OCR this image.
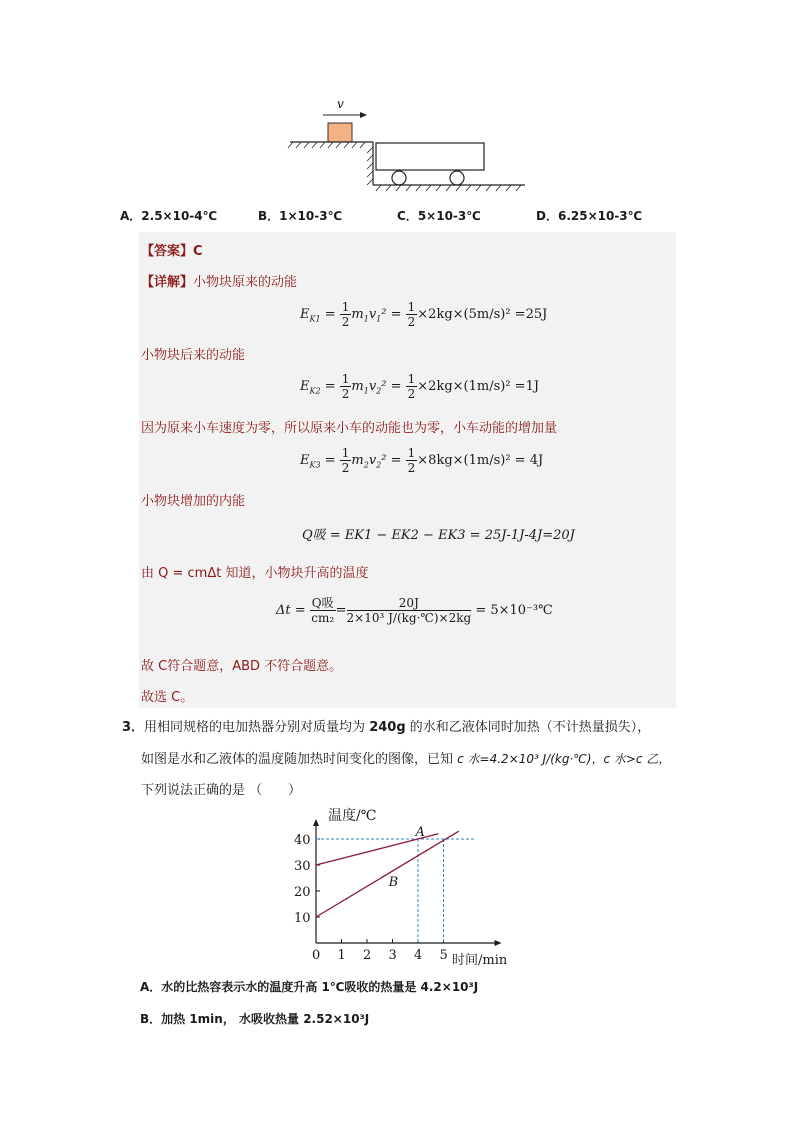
v
A．2.5×10-4℃	B．1×10-3℃	C．5×10-3℃	D．6.25×10-3℃
【答案】C
【详解】小物块原来的动能
$E_{K1} = \frac{1}{2} m_1v_1^2 = \frac{1}{2} \times 2kg\times(5m/s)^2 =25J$
小物块后来的动能
$E_{K2} = \frac{1}{2} m_1v_2^2 = \frac{1}{2} \times 2kg\times(1m/s)^2 =1J$
因为原来小车速度为零，所以原来小车的动能也为零，小车动能的增加量
$E_{K3} = \frac{1}{2} m_2v_2^2 = \frac{1}{2} \times 8kg\times(1m/s)^2 = 4J$
小物块增加的内能
Q吸 = EK1 − EK2 − EK3 = 25J-1J-4J=20J
由 Q = cmΔt 知道，小物块升高的温度
$\Delta t = \frac{\text{Q吸}}{\text{cm₂}} = \frac{20J}{\text{2×10³ J/(kg·℃)×2kg}}$ = 5×10⁻³℃
故 C符合题意，ABD 不符合题意。
故选 C。
3．用相同规格的电加热器分别对质量均为 240g 的水和乙液体同时加热（不计热量损失），
如图是水和乙液体的温度随加热时间变化的图像，已知 c 水=4.2×10³ J/(kg·℃)，c 水>c 乙，
下列说法正确的是 （　　）
温度/℃
时间/min
0 1 2 3 4 5
10
20
30
40
A
B
A．水的比热容表示水的温度升高 1℃吸收的热量是 4.2×10³J
B．加热 1min， 水吸收热量 2.52×10³J
